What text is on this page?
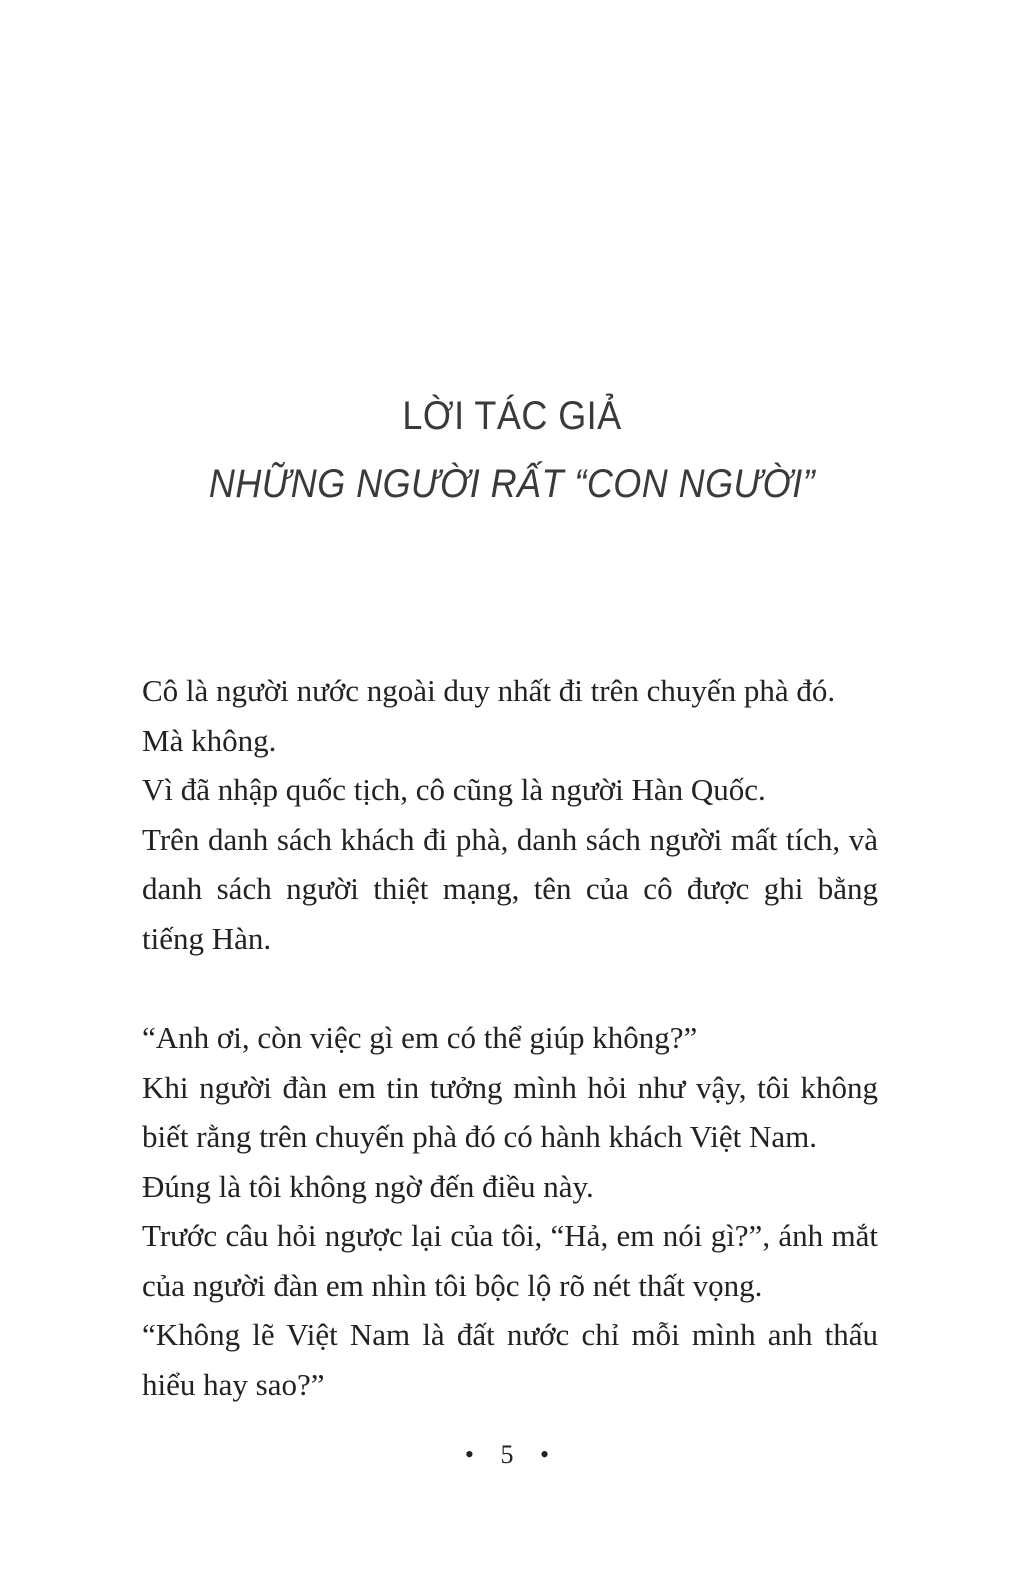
LỜI TÁC GIẢ
NHỮNG NGƯỜI RẤT “CON NGƯỜI”

Cô là người nước ngoài duy nhất đi trên chuyến phà đó.

Mà không.

Vì đã nhập quốc tịch, cô cũng là người Hàn Quốc.

Trên danh sách khách đi phà, danh sách người mất tích, và danh sách người thiệt mạng, tên của cô được ghi bằng tiếng Hàn.

“Anh ơi, còn việc gì em có thể giúp không?”

Khi người đàn em tin tưởng mình hỏi như vậy, tôi không biết rằng trên chuyến phà đó có hành khách Việt Nam.

Đúng là tôi không ngờ đến điều này.

Trước câu hỏi ngược lại của tôi, “Hả, em nói gì?”, ánh mắt của người đàn em nhìn tôi bộc lộ rõ nét thất vọng.

“Không lẽ Việt Nam là đất nước chỉ mỗi mình anh thấu hiểu hay sao?”

• 5 •
